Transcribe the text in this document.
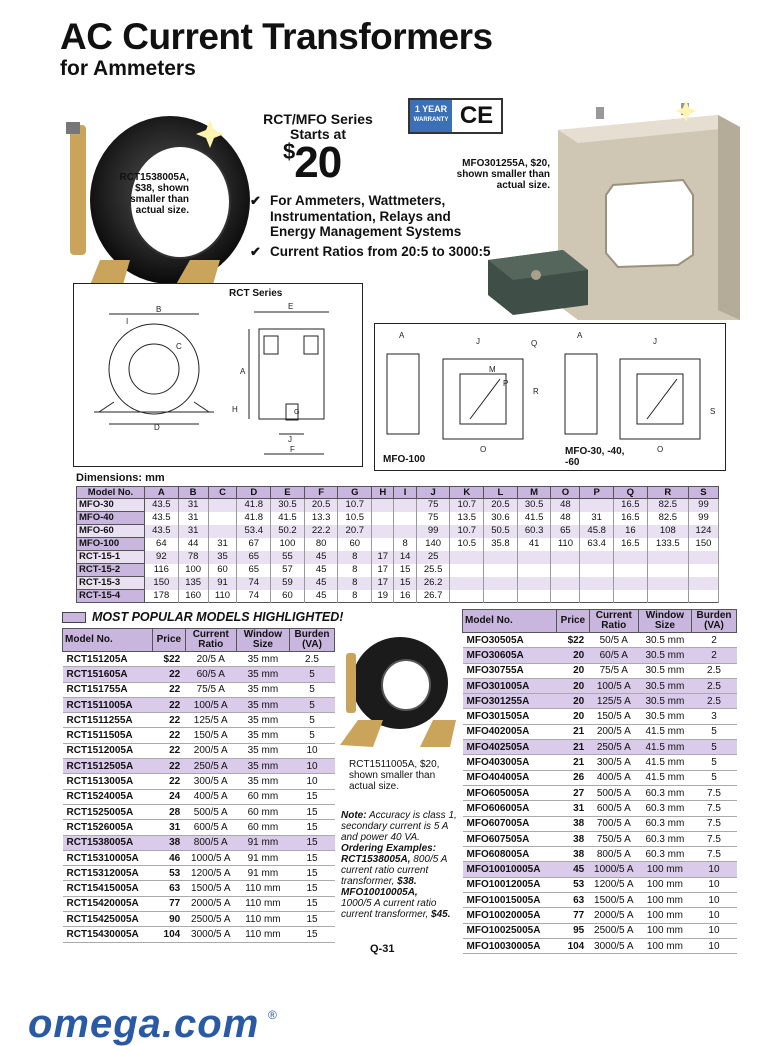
AC Current Transformers
for Ammeters
RCT1538005A, $38, shown smaller than actual size.
RCT/MFO Series
Starts at
$20
✔ For Ammeters, Wattmeters, Instrumentation, Relays and Energy Management Systems
✔ Current Ratios from 20:5 to 3000:5
1 YEAR
WARRANTY CE
MFO301255A, $20, shown smaller than actual size.
RCT Series
D
B
C
E
A
F
J
H	G
I
J	J
Q
S
R
A	A
O	O
P
M
MFO-100
MFO-30, -40, -60
Dimensions: mm
Model No.	A	B	C	D	E	F	G	H	I	J	K	L	M	O	P	Q	R	S
MFO-30	43.5	31		41.8	30.5	20.5	10.7			75	10.7	20.5	30.5	48		16.5	82.5	99
MFO-40	43.5	31		41.8	41.5	13.3	10.5			75	13.5	30.6	41.5	48	31	16.5	82.5	99
MFO-60	43.5	31		53.4	50.2	22.2	20.7			99	10.7	50.5	60.3	65	45.8	16	108	124
MFO-100	64	44	31	67	100	80	60		8	140	10.5	35.8	41	110	63.4	16.5	133.5	150
RCT-15-1	92	78	35	65	55	45	8	17	14	25								
RCT-15-2	116	100	60	65	57	45	8	17	15	25.5								
RCT-15-3	150	135	91	74	59	45	8	17	15	26.2								
RCT-15-4	178	160	110	74	60	45	8	19	16	26.7								
MOST POPULAR MODELS HIGHLIGHTED!
Model No.	Price	Current Ratio	Window Size	Burden (VA)
RCT151205A	$22	20/5 A	35 mm	2.5
RCT151605A	22	60/5 A	35 mm	5
RCT151755A	22	75/5 A	35 mm	5
RCT1511005A	22	100/5 A	35 mm	5
RCT1511255A	22	125/5 A	35 mm	5
RCT1511505A	22	150/5 A	35 mm	5
RCT1512005A	22	200/5 A	35 mm	10
RCT1512505A	22	250/5 A	35 mm	10
RCT1513005A	22	300/5 A	35 mm	10
RCT1524005A	24	400/5 A	60 mm	15
RCT1525005A	28	500/5 A	60 mm	15
RCT1526005A	31	600/5 A	60 mm	15
RCT1538005A	38	800/5 A	91 mm	15
RCT15310005A	46	1000/5 A	91 mm	15
RCT15312005A	53	1200/5 A	91 mm	15
RCT15415005A	63	1500/5 A	110 mm	15
RCT15420005A	77	2000/5 A	110 mm	15
RCT15425005A	90	2500/5 A	110 mm	15
RCT15430005A	104	3000/5 A	110 mm	15
RCT1511005A, $20, shown smaller than actual size.
Note: Accuracy is class 1, secondary current is 5 A and power 40 VA.
Ordering Examples:
RCT1538005A, 800/5 A current ratio current transformer, $38.
MFO10010005A,
1000/5 A current ratio current transformer, $45.
Model No.	Price	Current Ratio	Window Size	Burden (VA)
MFO30505A	$22	50/5 A	30.5 mm	2
MFO30605A	20	60/5 A	30.5 mm	2
MFO30755A	20	75/5 A	30.5 mm	2.5
MFO301005A	20	100/5 A	30.5 mm	2.5
MFO301255A	20	125/5 A	30.5 mm	2.5
MFO301505A	20	150/5 A	30.5 mm	3
MFO402005A	21	200/5 A	41.5 mm	5
MFO402505A	21	250/5 A	41.5 mm	5
MFO403005A	21	300/5 A	41.5 mm	5
MFO404005A	26	400/5 A	41.5 mm	5
MFO605005A	27	500/5 A	60.3 mm	7.5
MFO606005A	31	600/5 A	60.3 mm	7.5
MFO607005A	38	700/5 A	60.3 mm	7.5
MFO607505A	38	750/5 A	60.3 mm	7.5
MFO608005A	38	800/5 A	60.3 mm	7.5
MFO10010005A	45	1000/5 A	100 mm	10
MFO10012005A	53	1200/5 A	100 mm	10
MFO10015005A	63	1500/5 A	100 mm	10
MFO10020005A	77	2000/5 A	100 mm	10
MFO10025005A	95	2500/5 A	100 mm	10
MFO10030005A	104	3000/5 A	100 mm	10
Q-31
omega.com ®
